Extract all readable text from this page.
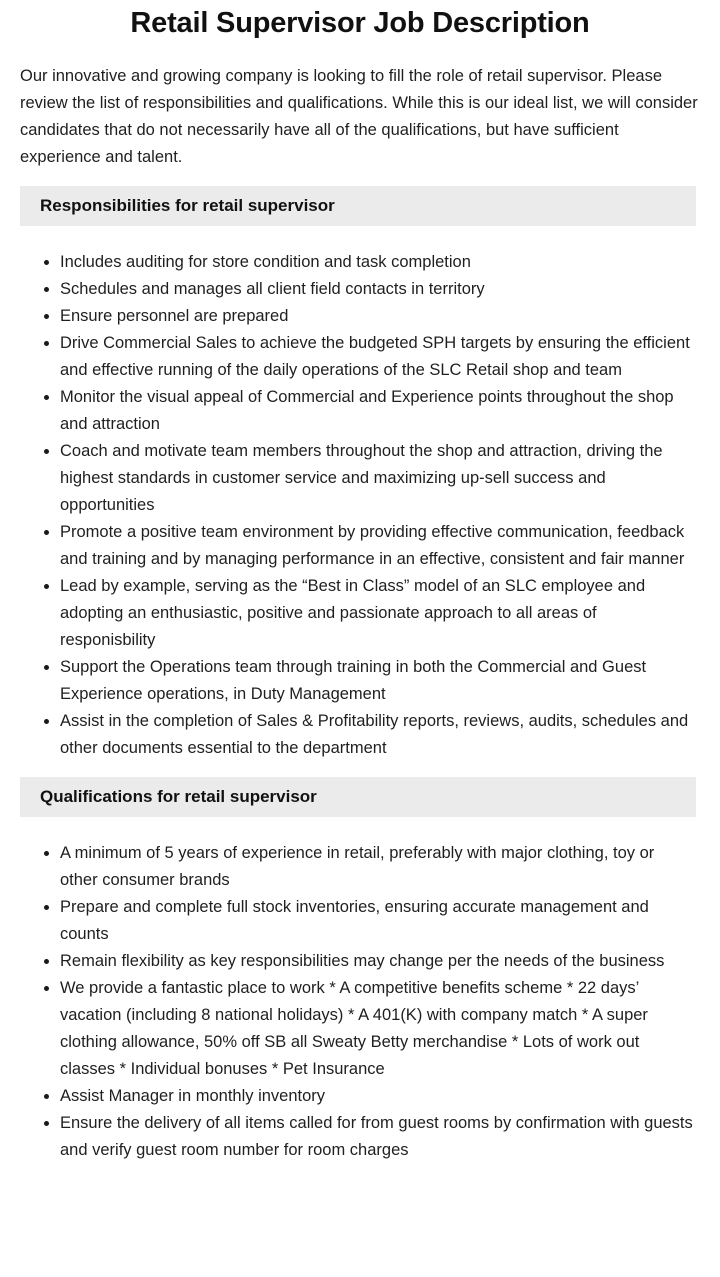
Retail Supervisor Job Description

Our innovative and growing company is looking to fill the role of retail supervisor. Please review the list of responsibilities and qualifications. While this is our ideal list, we will consider candidates that do not necessarily have all of the qualifications, but have sufficient experience and talent.

Responsibilities for retail supervisor
Includes auditing for store condition and task completion
Schedules and manages all client field contacts in territory
Ensure personnel are prepared
Drive Commercial Sales to achieve the budgeted SPH targets by ensuring the efficient and effective running of the daily operations of the SLC Retail shop and team
Monitor the visual appeal of Commercial and Experience points throughout the shop and attraction
Coach and motivate team members throughout the shop and attraction, driving the highest standards in customer service and maximizing up-sell success and opportunities
Promote a positive team environment by providing effective communication, feedback and training and by managing performance in an effective, consistent and fair manner
Lead by example, serving as the “Best in Class” model of an SLC employee and adopting an enthusiastic, positive and passionate approach to all areas of responisbility
Support the Operations team through training in both the Commercial and Guest Experience operations, in Duty Management
Assist in the completion of Sales & Profitability reports, reviews, audits, schedules and other documents essential to the department
Qualifications for retail supervisor
A minimum of 5 years of experience in retail, preferably with major clothing, toy or other consumer brands
Prepare and complete full stock inventories, ensuring accurate management and counts
Remain flexibility as key responsibilities may change per the needs of the business
We provide a fantastic place to work * A competitive benefits scheme * 22 days’ vacation (including 8 national holidays) * A 401(K) with company match * A super clothing allowance, 50% off SB all Sweaty Betty merchandise * Lots of work out classes * Individual bonuses * Pet Insurance
Assist Manager in monthly inventory
Ensure the delivery of all items called for from guest rooms by confirmation with guests and verify guest room number for room charges
